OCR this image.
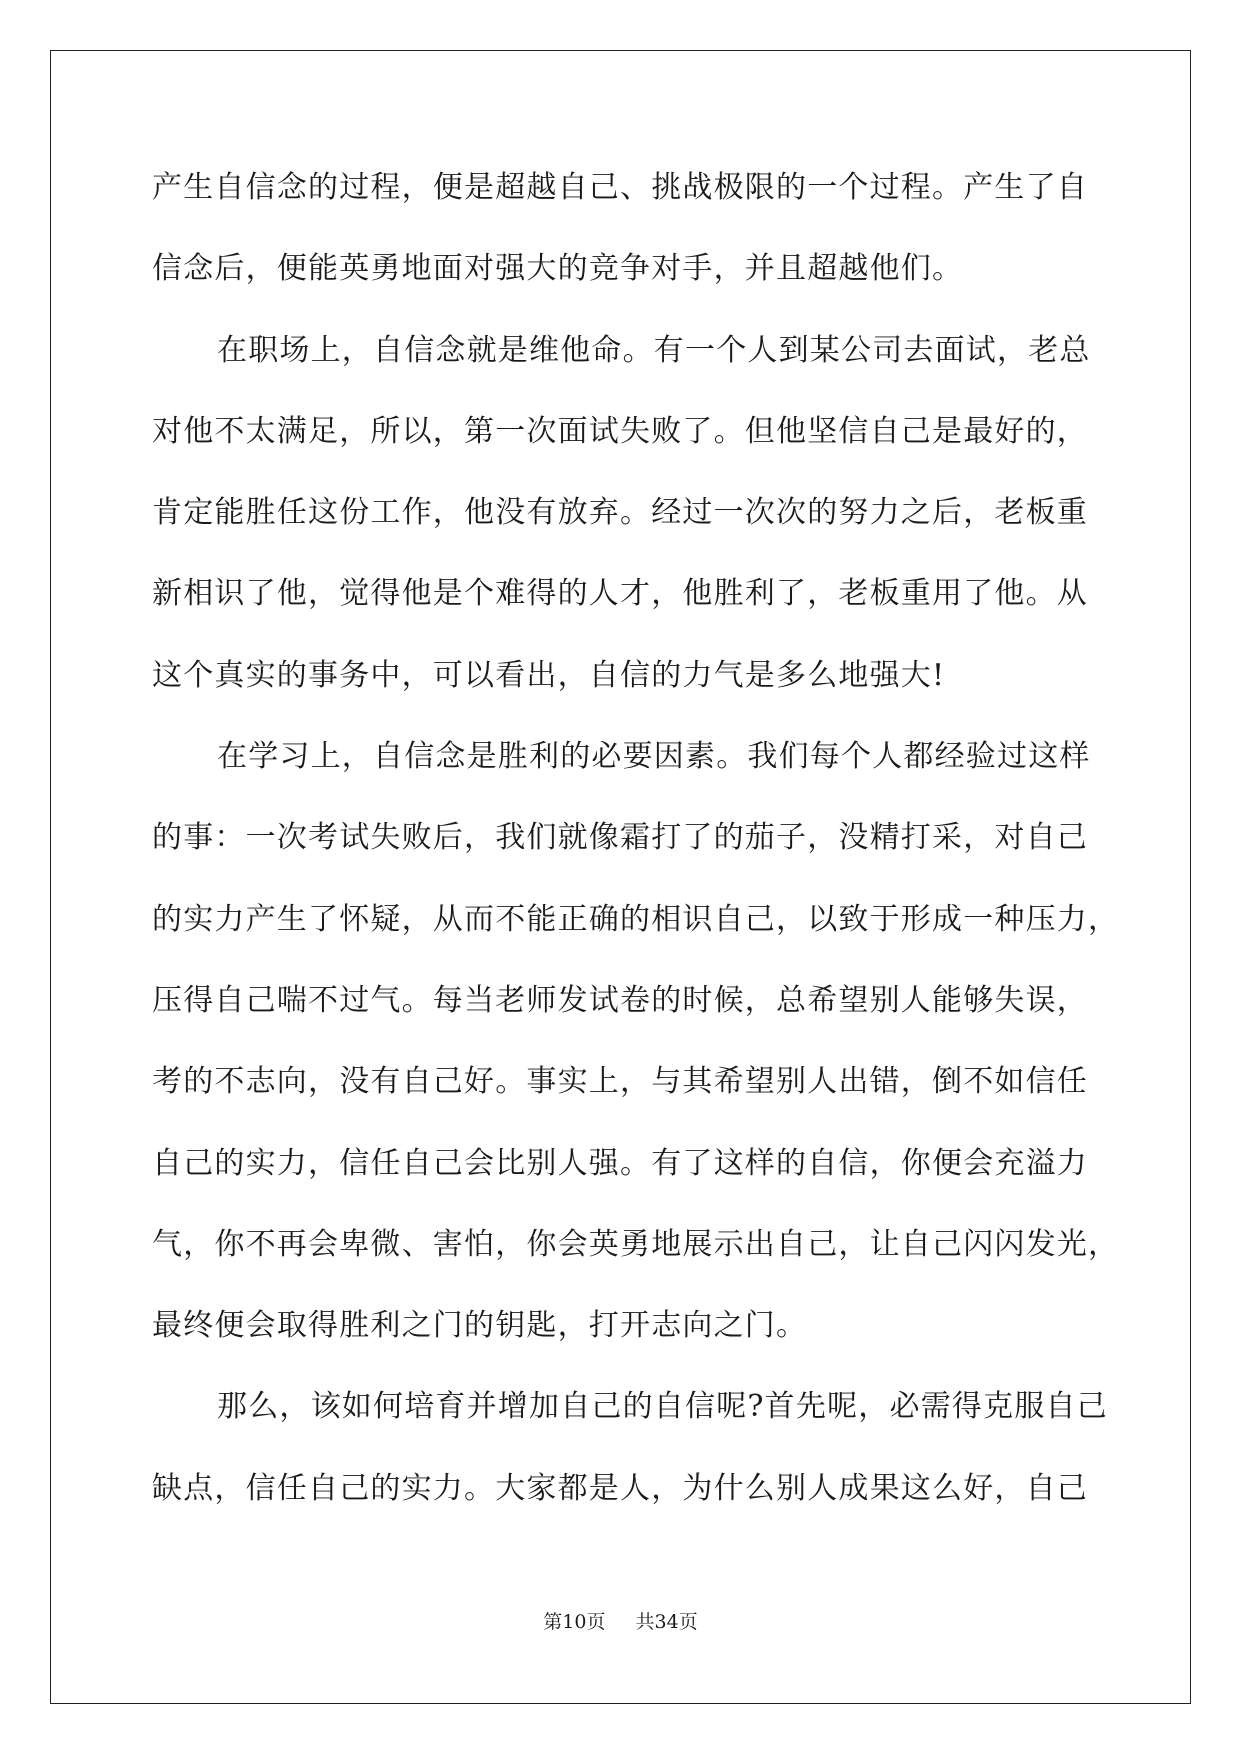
产生自信念的过程，便是超越自己、挑战极限的一个过程。产生了自
信念后，便能英勇地面对强大的竞争对手，并且超越他们。
在职场上，自信念就是维他命。有一个人到某公司去面试，老总
对他不太满足，所以，第一次面试失败了。但他坚信自己是最好的，
肯定能胜任这份工作，他没有放弃。经过一次次的努力之后，老板重
新相识了他，觉得他是个难得的人才，他胜利了，老板重用了他。从
这个真实的事务中，可以看出，自信的力气是多么地强大!
在学习上，自信念是胜利的必要因素。我们每个人都经验过这样
的事：一次考试失败后，我们就像霜打了的茄子，没精打采，对自己
的实力产生了怀疑，从而不能正确的相识自己，以致于形成一种压力，
压得自己喘不过气。每当老师发试卷的时候，总希望别人能够失误，
考的不志向，没有自己好。事实上，与其希望别人出错，倒不如信任
自己的实力，信任自己会比别人强。有了这样的自信，你便会充溢力
气，你不再会卑微、害怕，你会英勇地展示出自己，让自己闪闪发光，
最终便会取得胜利之门的钥匙，打开志向之门。
那么，该如何培育并增加自己的自信呢?首先呢，必需得克服自己
缺点，信任自己的实力。大家都是人，为什么别人成果这么好，自己
第10页 共34页
